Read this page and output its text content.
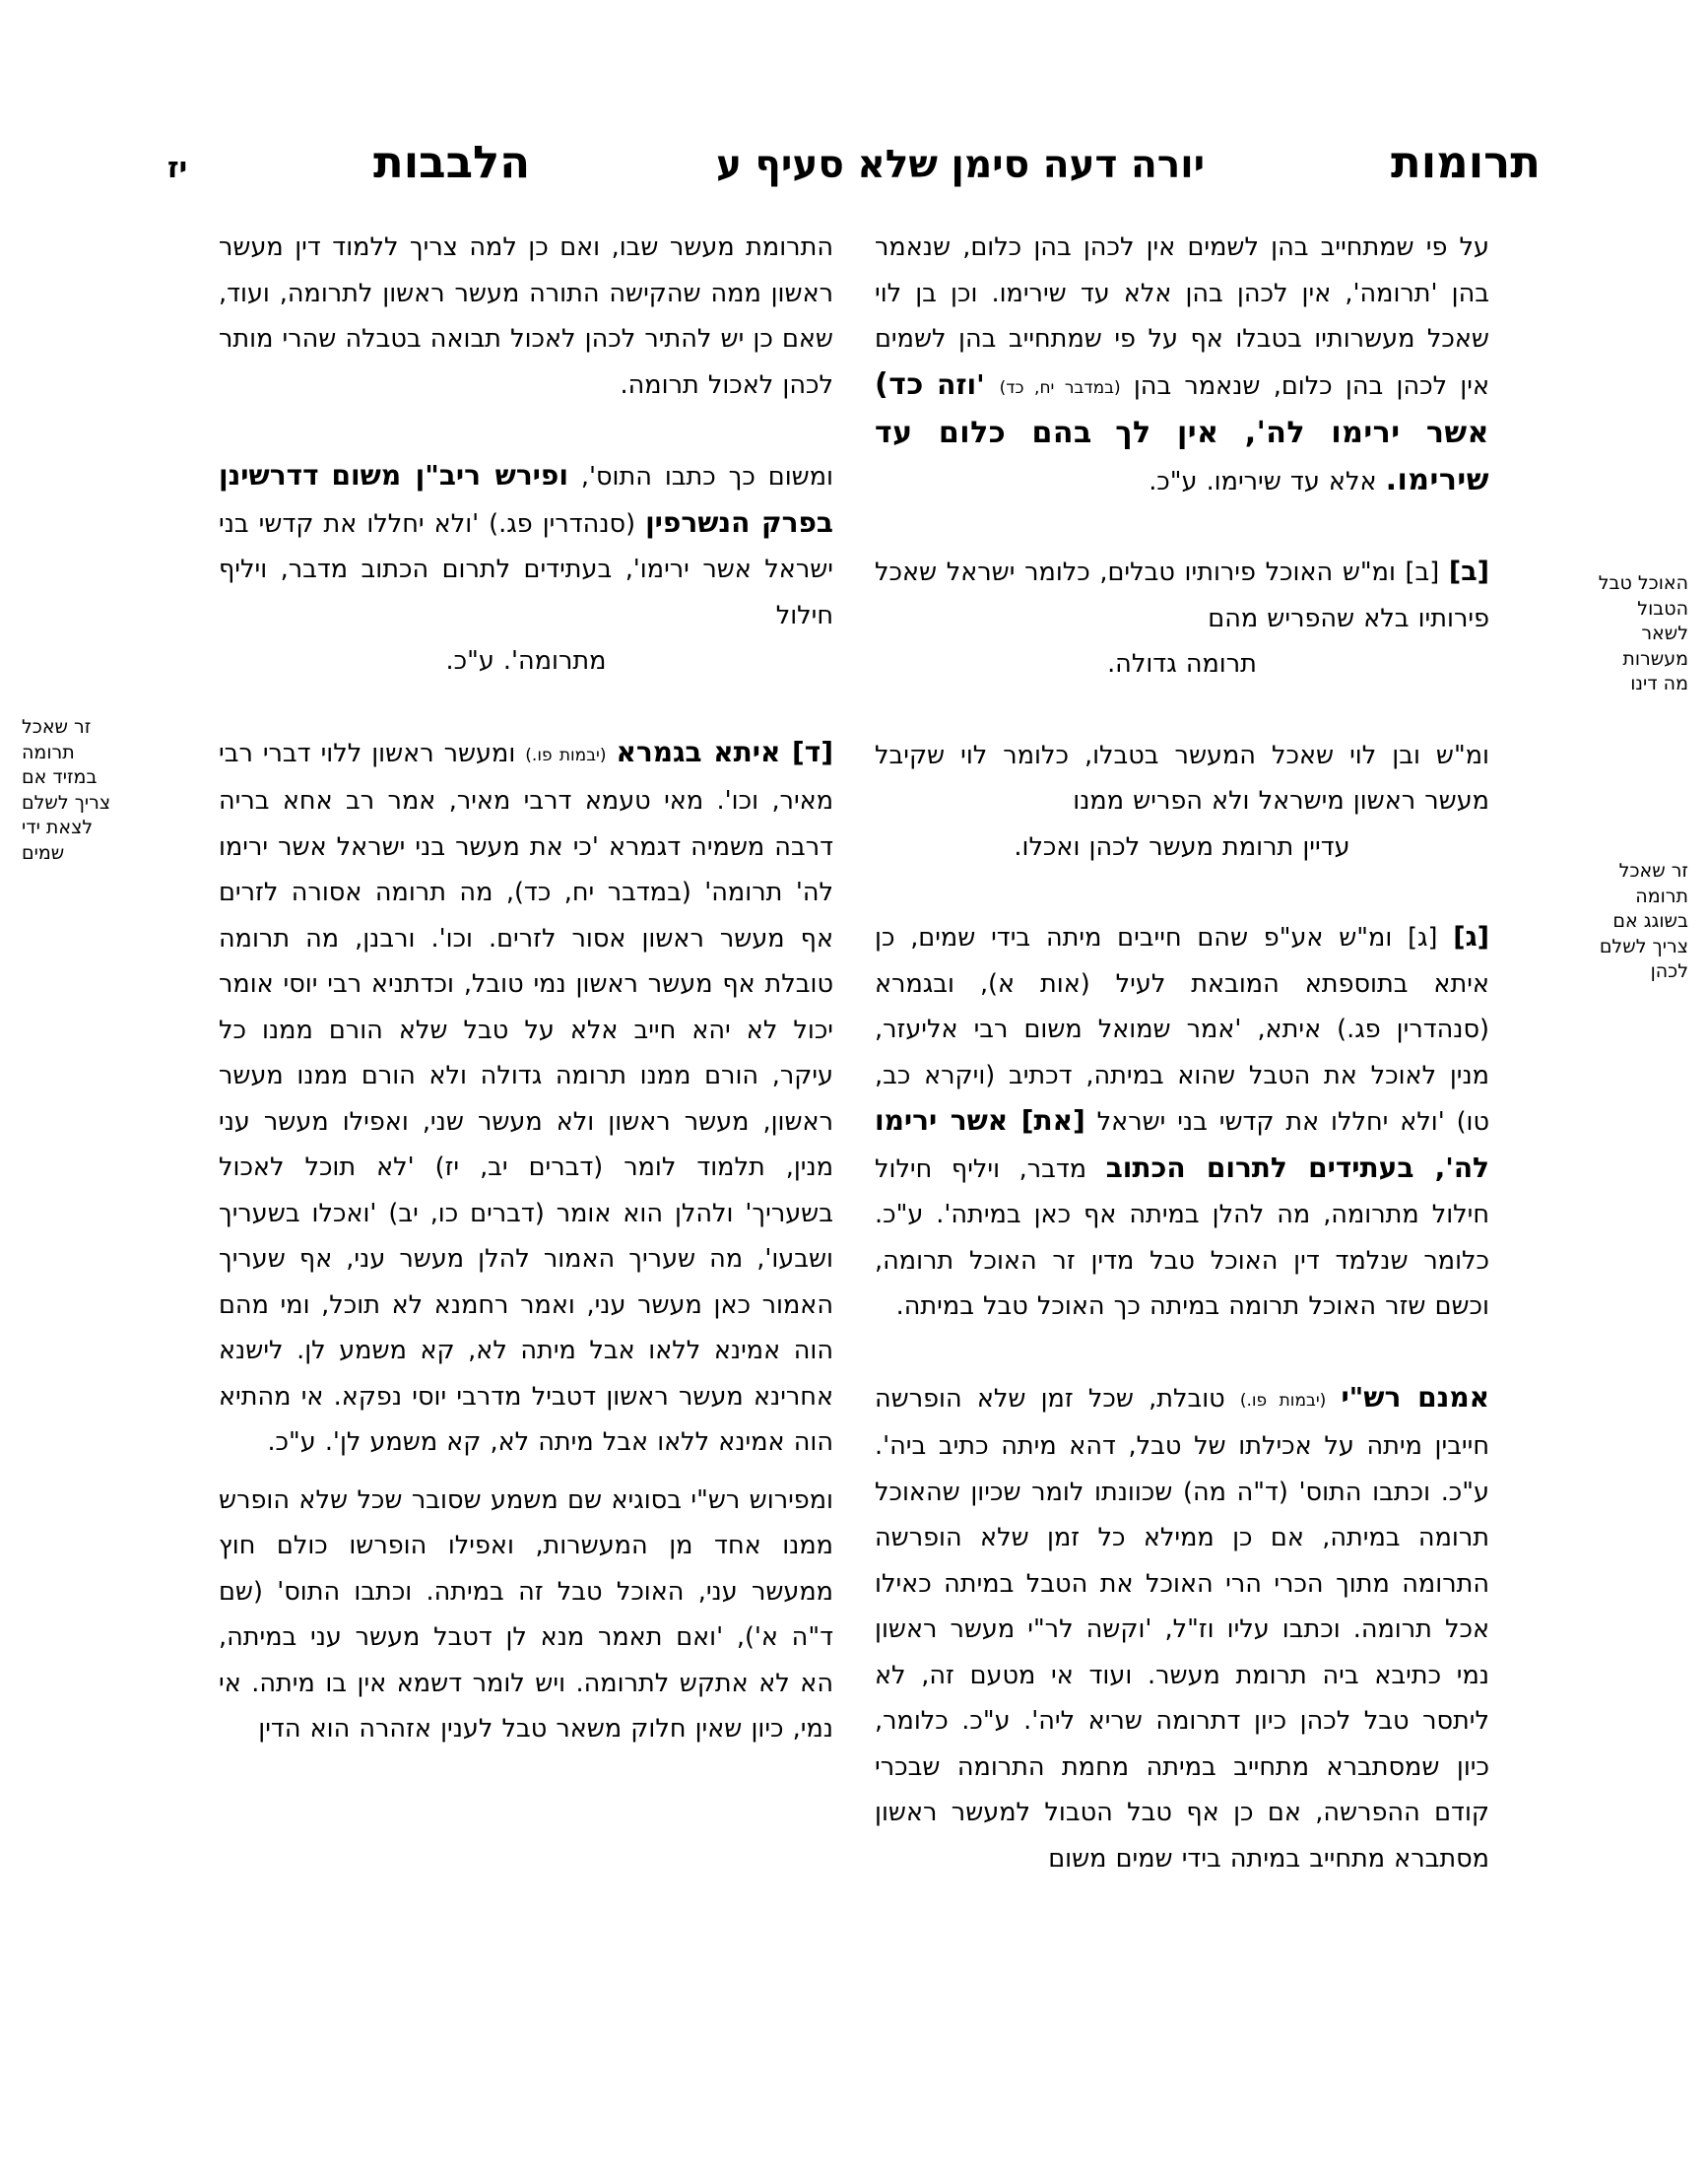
תרומות
יורה דעה סימן שלא סעיף ע
הלבבות
יז
האוכל טבל הטבול לשאר מעשרות מה דינו
זר שאכל תרומה בשוגג אם צריך לשלם לכהן
זר שאכל תרומה במזיד אם צריך לשלם לצאת ידי שמים
על פי שמתחייב בהן לשמים אין לכהן בהן כלום, שנאמר בהן 'תרומה', אין לכהן בהן אלא עד שירימו. וכן בן לוי שאכל מעשרותיו בטבלו אף על פי שמתחייב בהן לשמים אין לכהן בהן כלום, שנאמר בהן (במדבר יח, כד) 'וזה כד) אשר ירימו לה', אין לך בהם כלום עד שירימו. אלא עד שירימו. ע"כ.
[ב] [ב] ומ"ש האוכל פירותיו טבלים, כלומר ישראל שאכל פירותיו בלא שהפריש מהם
תרומה גדולה.
ומ"ש ובן לוי שאכל המעשר בטבלו, כלומר לוי שקיבל מעשר ראשון מישראל ולא הפריש ממנו
עדיין תרומת מעשר לכהן ואכלו.
[ג] [ג] ומ"ש אע"פ שהם חייבים מיתה בידי שמים, כן איתא בתוספתא המובאת לעיל (אות א), ובגמרא (סנהדרין פג.) איתא, 'אמר שמואל משום רבי אליעזר, מנין לאוכל את הטבל שהוא במיתה, דכתיב (ויקרא כב, טו) 'ולא יחללו את קדשי בני ישראל [את] אשר ירימו לה', בעתידים לתרום הכתוב מדבר, ויליף חילול חילול מתרומה, מה להלן במיתה אף כאן במיתה'. ע"כ. כלומר שנלמד דין האוכל טבל מדין זר האוכל תרומה, וכשם שזר האוכל תרומה במיתה כך האוכל טבל במיתה.
אמנם רש"י (יבמות פו.) טובלת, שכל זמן שלא הופרשה חייבין מיתה על אכילתו של טבל, דהא מיתה כתיב ביה'. ע"כ. וכתבו התוס' (ד"ה מה) שכוונתו לומר שכיון שהאוכל תרומה במיתה, אם כן ממילא כל זמן שלא הופרשה התרומה מתוך הכרי הרי האוכל את הטבל במיתה כאילו אכל תרומה. וכתבו עליו וז"ל, 'וקשה לר"י מעשר ראשון נמי כתיבא ביה תרומת מעשר. ועוד אי מטעם זה, לא ליתסר טבל לכהן כיון דתרומה שריא ליה'. ע"כ. כלומר, כיון שמסתברא מתחייב במיתה מחמת התרומה שבכרי קודם ההפרשה, אם כן אף טבל הטבול למעשר ראשון מסתברא מתחייב במיתה בידי שמים משום
התרומת מעשר שבו, ואם כן למה צריך ללמוד דין מעשר ראשון ממה שהקישה התורה מעשר ראשון לתרומה, ועוד, שאם כן יש להתיר לכהן לאכול תבואה בטבלה שהרי מותר לכהן לאכול תרומה.
ומשום כך כתבו התוס', ופירש ריב"ן משום דדרשינן בפרק הנשרפין (סנהדרין פג.) 'ולא יחללו את קדשי בני ישראל אשר ירימו', בעתידים לתרום הכתוב מדבר, ויליף חילול
מתרומה'. ע"כ.
[ד] איתא בגמרא (יבמות פו.) ומעשר ראשון ללוי דברי רבי מאיר, וכו'. מאי טעמא דרבי מאיר, אמר רב אחא בריה דרבה משמיה דגמרא 'כי את מעשר בני ישראל אשר ירימו לה' תרומה' (במדבר יח, כד), מה תרומה אסורה לזרים אף מעשר ראשון אסור לזרים. וכו'. ורבנן, מה תרומה טובלת אף מעשר ראשון נמי טובל, וכדתניא רבי יוסי אומר יכול לא יהא חייב אלא על טבל שלא הורם ממנו כל עיקר, הורם ממנו תרומה גדולה ולא הורם ממנו מעשר ראשון, מעשר ראשון ולא מעשר שני, ואפילו מעשר עני מנין, תלמוד לומר (דברים יב, יז) 'לא תוכל לאכול בשעריך' ולהלן הוא אומר (דברים כו, יב) 'ואכלו בשעריך ושבעו', מה שעריך האמור להלן מעשר עני, אף שעריך האמור כאן מעשר עני, ואמר רחמנא לא תוכל, ומי מהם הוה אמינא ללאו אבל מיתה לא, קא משמע לן. לישנא אחרינא מעשר ראשון דטביל מדרבי יוסי נפקא. אי מהתיא הוה אמינא ללאו אבל מיתה לא, קא משמע לן'. ע"כ.
ומפירוש רש"י בסוגיא שם משמע שסובר שכל שלא הופרש ממנו אחד מן המעשרות, ואפילו הופרשו כולם חוץ ממעשר עני, האוכל טבל זה במיתה. וכתבו התוס' (שם ד"ה א'), 'ואם תאמר מנא לן דטבל מעשר עני במיתה, הא לא אתקש לתרומה. ויש לומר דשמא אין בו מיתה. אי נמי, כיון שאין חלוק משאר טבל לענין אזהרה הוא הדין
